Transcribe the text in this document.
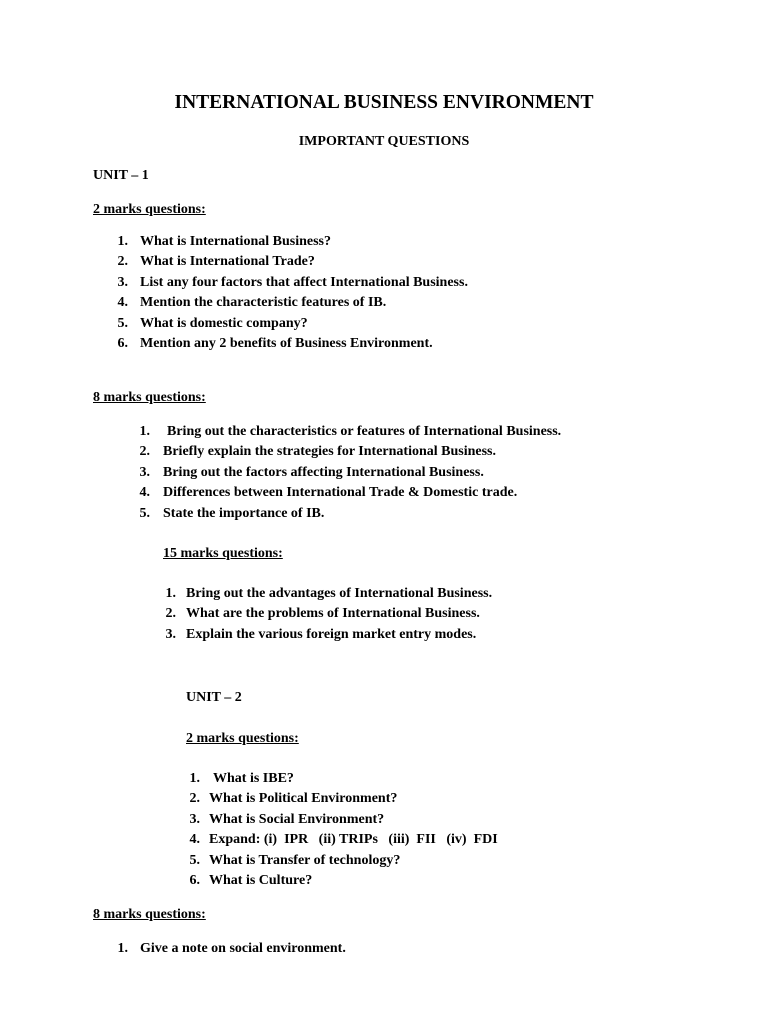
INTERNATIONAL BUSINESS ENVIRONMENT
IMPORTANT QUESTIONS
UNIT – 1
2 marks questions:
1. What is International Business?
2. What is International Trade?
3. List any four factors that affect International Business.
4. Mention the characteristic features of IB.
5. What is domestic company?
6. Mention any 2 benefits of Business Environment.
8 marks questions:
1. Bring out the characteristics or features of International Business.
2. Briefly explain the strategies for International Business.
3. Bring out the factors affecting International Business.
4. Differences between International Trade & Domestic trade.
5. State the importance of IB.
15 marks questions:
1. Bring out the advantages of International Business.
2. What are the problems of International Business.
3. Explain the various foreign market entry modes.
UNIT – 2
2 marks questions:
1. What is IBE?
2. What is Political Environment?
3. What is Social Environment?
4. Expand: (i)  IPR   (ii) TRIPs   (iii)  FII   (iv)  FDI
5. What is Transfer of technology?
6. What is Culture?
8 marks questions:
1. Give a note on social environment.
